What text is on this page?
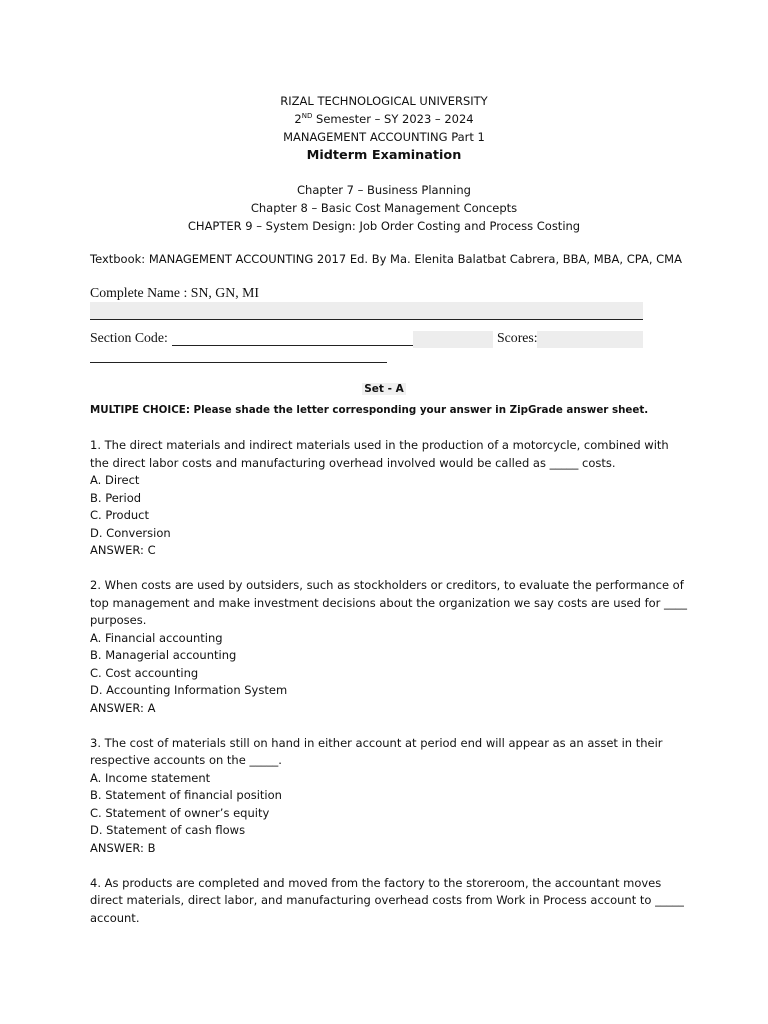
RIZAL TECHNOLOGICAL UNIVERSITY
2ND Semester – SY 2023 – 2024
MANAGEMENT ACCOUNTING Part 1
Midterm Examination
Chapter 7 – Business Planning
Chapter 8 – Basic Cost Management Concepts
CHAPTER 9 – System Design: Job Order Costing and Process Costing
Textbook: MANAGEMENT ACCOUNTING 2017 Ed. By Ma. Elenita Balatbat Cabrera, BBA, MBA, CPA, CMA
Complete Name : SN, GN, MI
Section Code:	Scores:
Set - A
MULTIPE CHOICE: Please shade the letter corresponding your answer in ZipGrade answer sheet.
1. The direct materials and indirect materials used in the production of a motorcycle, combined with the direct labor costs and manufacturing overhead involved would be called as _____ costs.
A. Direct
B. Period
C. Product
D. Conversion
ANSWER: C
2. When costs are used by outsiders, such as stockholders or creditors, to evaluate the performance of top management and make investment decisions about the organization we say costs are used for ____ purposes.
A. Financial accounting
B. Managerial accounting
C. Cost accounting
D. Accounting Information System
ANSWER: A
3. The cost of materials still on hand in either account at period end will appear as an asset in their respective accounts on the _____.
A. Income statement
B. Statement of financial position
C. Statement of owner’s equity
D. Statement of cash flows
ANSWER: B
4. As products are completed and moved from the factory to the storeroom, the accountant moves direct materials, direct labor, and manufacturing overhead costs from Work in Process account to _____ account.
